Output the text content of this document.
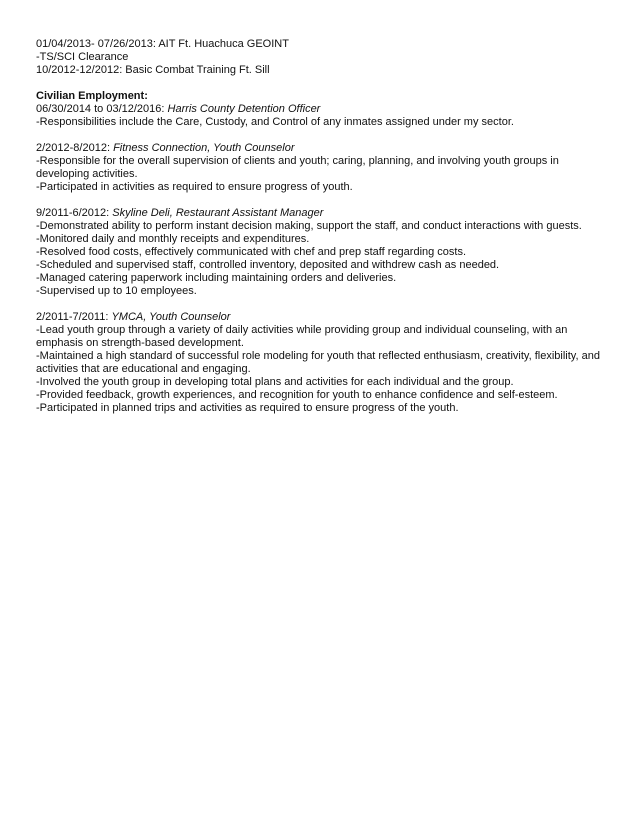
01/04/2013- 07/26/2013: AIT Ft. Huachuca GEOINT
-TS/SCI Clearance
10/2012-12/2012: Basic Combat Training Ft. Sill
Civilian Employment:
06/30/2014 to 03/12/2016: Harris County Detention Officer
-Responsibilities include the Care, Custody, and Control of any inmates assigned under my sector.
2/2012-8/2012: Fitness Connection, Youth Counselor
-Responsible for the overall supervision of clients and youth; caring, planning, and involving youth groups in developing activities.
-Participated in activities as required to ensure progress of youth.
9/2011-6/2012: Skyline Deli, Restaurant Assistant Manager
-Demonstrated ability to perform instant decision making, support the staff, and conduct interactions with guests.
-Monitored daily and monthly receipts and expenditures.
-Resolved food costs, effectively communicated with chef and prep staff regarding costs.
-Scheduled and supervised staff, controlled inventory, deposited and withdrew cash as needed.
-Managed catering paperwork including maintaining orders and deliveries.
-Supervised up to 10 employees.
2/2011-7/2011: YMCA, Youth Counselor
-Lead youth group through a variety of daily activities while providing group and individual counseling, with an emphasis on strength-based development.
-Maintained a high standard of successful role modeling for youth that reflected enthusiasm, creativity, flexibility, and activities that are educational and engaging.
-Involved the youth group in developing total plans and activities for each individual and the group.
-Provided feedback, growth experiences, and recognition for youth to enhance confidence and self-esteem.
-Participated in planned trips and activities as required to ensure progress of the youth.
